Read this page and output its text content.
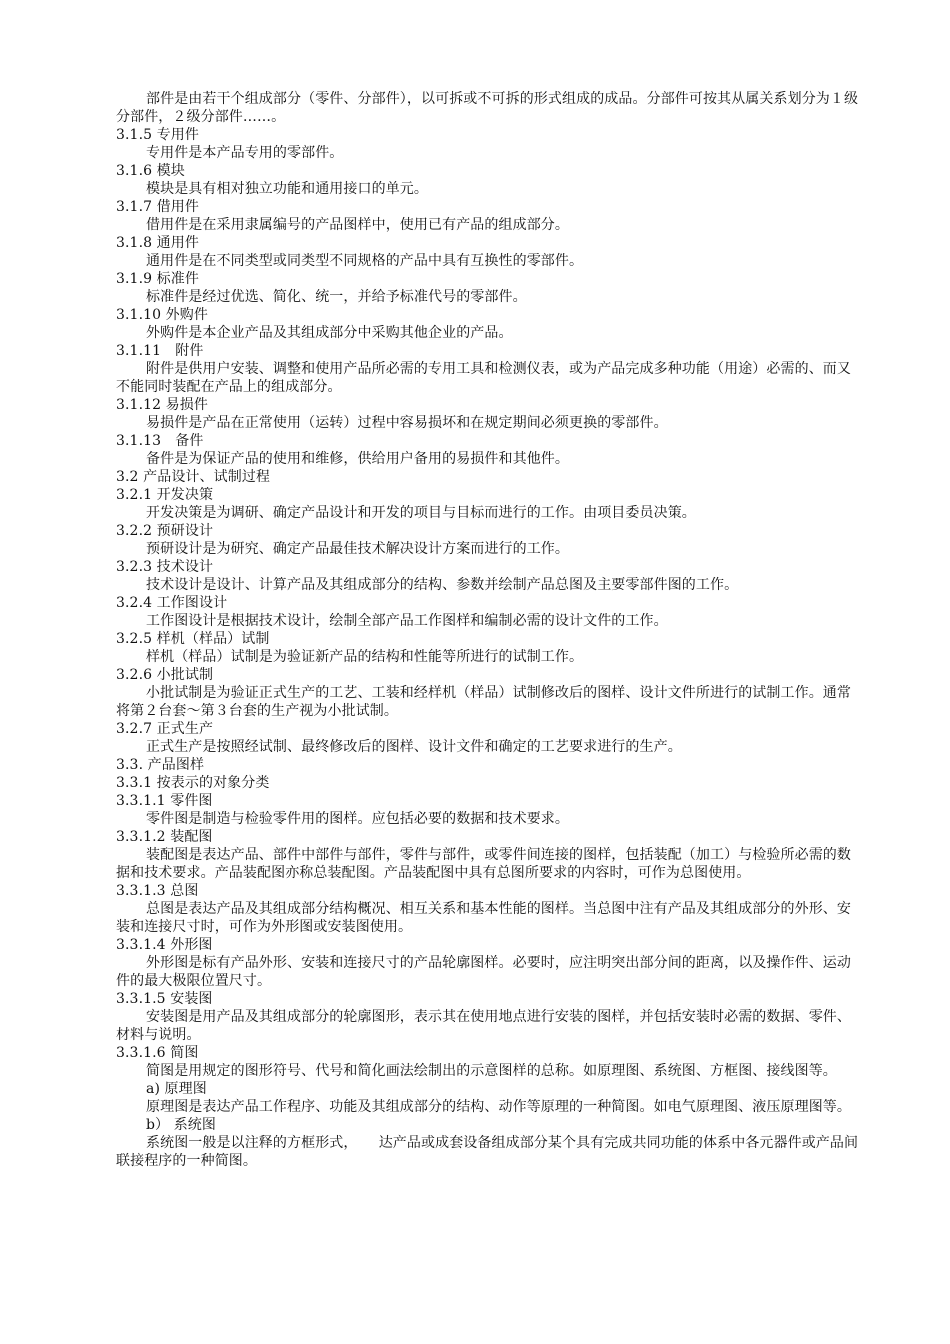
部件是由若干个组成部分（零件、分部件），以可拆或不可拆的形式组成的成品。分部件可按其从属关系划分为１级分部件，２级分部件……。
3.1.5 专用件
专用件是本产品专用的零部件。
3.1.6 模块
模块是具有相对独立功能和通用接口的单元。
3.1.7 借用件
借用件是在采用隶属编号的产品图样中，使用已有产品的组成部分。
3.1.8 通用件
通用件是在不同类型或同类型不同规格的产品中具有互换性的零部件。
3.1.9 标准件
标准件是经过优选、简化、统一，并给予标准代号的零部件。
3.1.10 外购件
外购件是本企业产品及其组成部分中采购其他企业的产品。
3.1.11　附件
附件是供用户安装、调整和使用产品所必需的专用工具和检测仪表，或为产品完成多种功能（用途）必需的、而又不能同时装配在产品上的组成部分。
3.1.12 易损件
易损件是产品在正常使用（运转）过程中容易损坏和在规定期间必须更换的零部件。
3.1.13　备件
备件是为保证产品的使用和维修，供给用户备用的易损件和其他件。
3.2 产品设计、试制过程
3.2.1 开发决策
开发决策是为调研、确定产品设计和开发的项目与目标而进行的工作。由项目委员决策。
3.2.2 预研设计
预研设计是为研究、确定产品最佳技术解决设计方案而进行的工作。
3.2.3 技术设计
技术设计是设计、计算产品及其组成部分的结构、参数并绘制产品总图及主要零部件图的工作。
3.2.4 工作图设计
工作图设计是根据技术设计，绘制全部产品工作图样和编制必需的设计文件的工作。
3.2.5 样机（样品）试制
样机（样品）试制是为验证新产品的结构和性能等所进行的试制工作。
3.2.6 小批试制
小批试制是为验证正式生产的工艺、工装和经样机（样品）试制修改后的图样、设计文件所进行的试制工作。通常将第２台套～第３台套的生产视为小批试制。
3.2.7 正式生产
正式生产是按照经试制、最终修改后的图样、设计文件和确定的工艺要求进行的生产。
3.3. 产品图样
3.3.1 按表示的对象分类
3.3.1.1 零件图
零件图是制造与检验零件用的图样。应包括必要的数据和技术要求。
3.3.1.2 装配图
装配图是表达产品、部件中部件与部件，零件与部件，或零件间连接的图样，包括装配（加工）与检验所必需的数据和技术要求。产品装配图亦称总装配图。产品装配图中具有总图所要求的内容时，可作为总图使用。
3.3.1.3 总图
总图是表达产品及其组成部分结构概况、相互关系和基本性能的图样。当总图中注有产品及其组成部分的外形、安装和连接尺寸时，可作为外形图或安装图使用。
3.3.1.4 外形图
外形图是标有产品外形、安装和连接尺寸的产品轮廓图样。必要时，应注明突出部分间的距离，以及操作件、运动件的最大极限位置尺寸。
3.3.1.5 安装图
安装图是用产品及其组成部分的轮廓图形，表示其在使用地点进行安装的图样，并包括安装时必需的数据、零件、材料与说明。
3.3.1.6 简图
简图是用规定的图形符号、代号和简化画法绘制出的示意图样的总称。如原理图、系统图、方框图、接线图等。
a) 原理图
原理图是表达产品工作程序、功能及其组成部分的结构、动作等原理的一种简图。如电气原理图、液压原理图等。
b） 系统图
系统图一般是以注释的方框形式，　　达产品或成套设备组成部分某个具有完成共同功能的体系中各元器件或产品间联接程序的一种简图。
